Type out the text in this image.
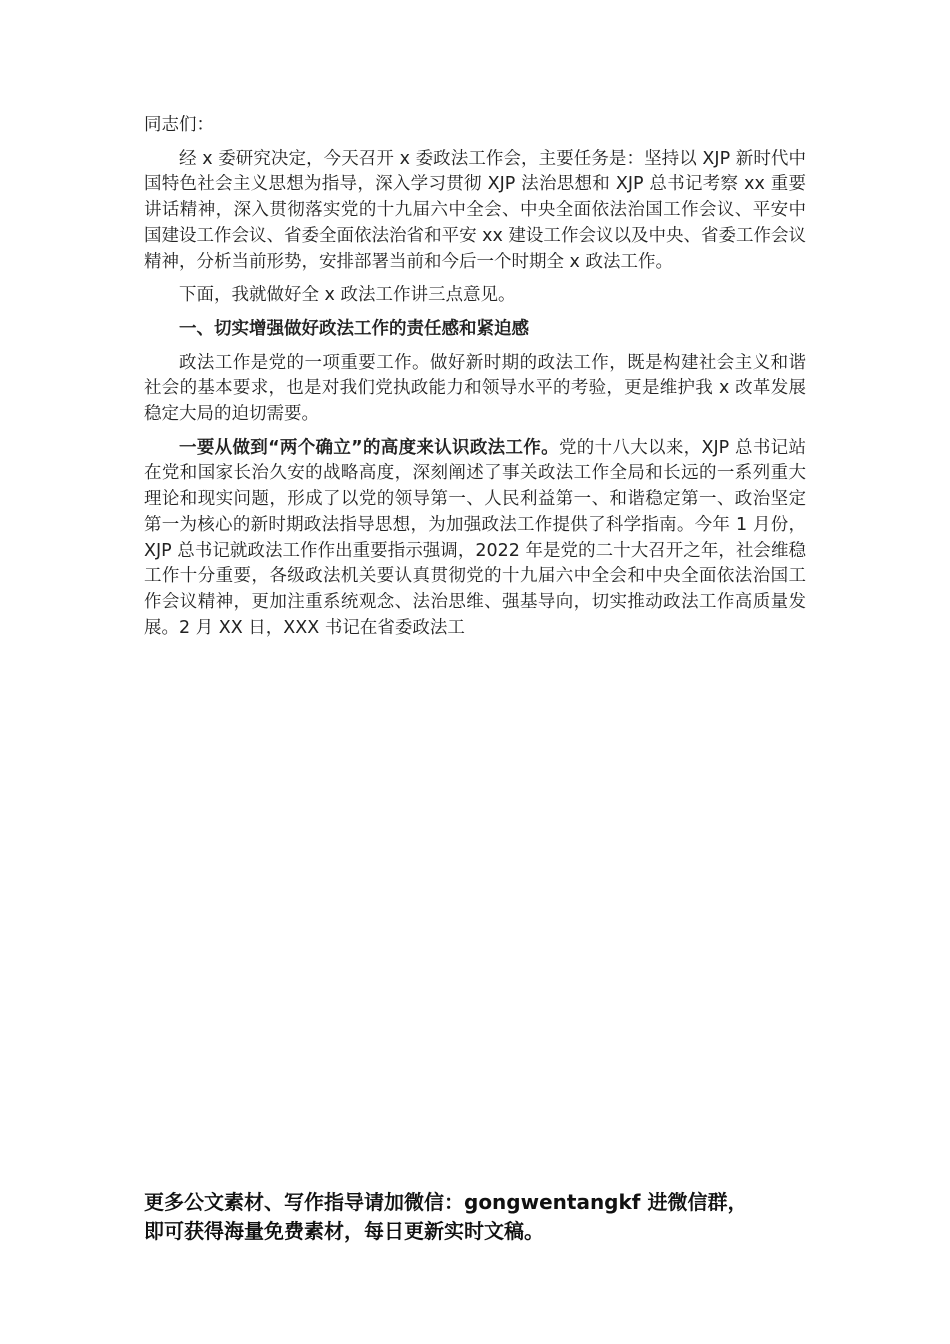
同志们：

经 x 委研究决定，今天召开 x 委政法工作会，主要任务是：坚持以 XJP 新时代中国特色社会主义思想为指导，深入学习贯彻 XJP 法治思想和 XJP 总书记考察 xx 重要讲话精神，深入贯彻落实党的十九届六中全会、中央全面依法治国工作会议、平安中国建设工作会议、省委全面依法治省和平安 xx 建设工作会议以及中央、省委工作会议精神，分析当前形势，安排部署当前和今后一个时期全 x 政法工作。

下面，我就做好全 x 政法工作讲三点意见。

一、切实增强做好政法工作的责任感和紧迫感

政法工作是党的一项重要工作。做好新时期的政法工作，既是构建社会主义和谐社会的基本要求，也是对我们党执政能力和领导水平的考验，更是维护我 x 改革发展稳定大局的迫切需要。

一要从做到“两个确立”的高度来认识政法工作。党的十八大以来，XJP 总书记站在党和国家长治久安的战略高度，深刻阐述了事关政法工作全局和长远的一系列重大理论和现实问题，形成了以党的领导第一、人民利益第一、和谐稳定第一、政治坚定第一为核心的新时期政法指导思想，为加强政法工作提供了科学指南。今年 1 月份，XJP 总书记就政法工作作出重要指示强调，2022 年是党的二十大召开之年，社会维稳工作十分重要，各级政法机关要认真贯彻党的十九届六中全会和中央全面依法治国工作会议精神，更加注重系统观念、法治思维、强基导向，切实推动政法工作高质量发展。2 月 XX 日，XXX 书记在省委政法工

更多公文素材、写作指导请加微信：gongwentangkf 进微信群，

即可获得海量免费素材，每日更新实时文稿。
